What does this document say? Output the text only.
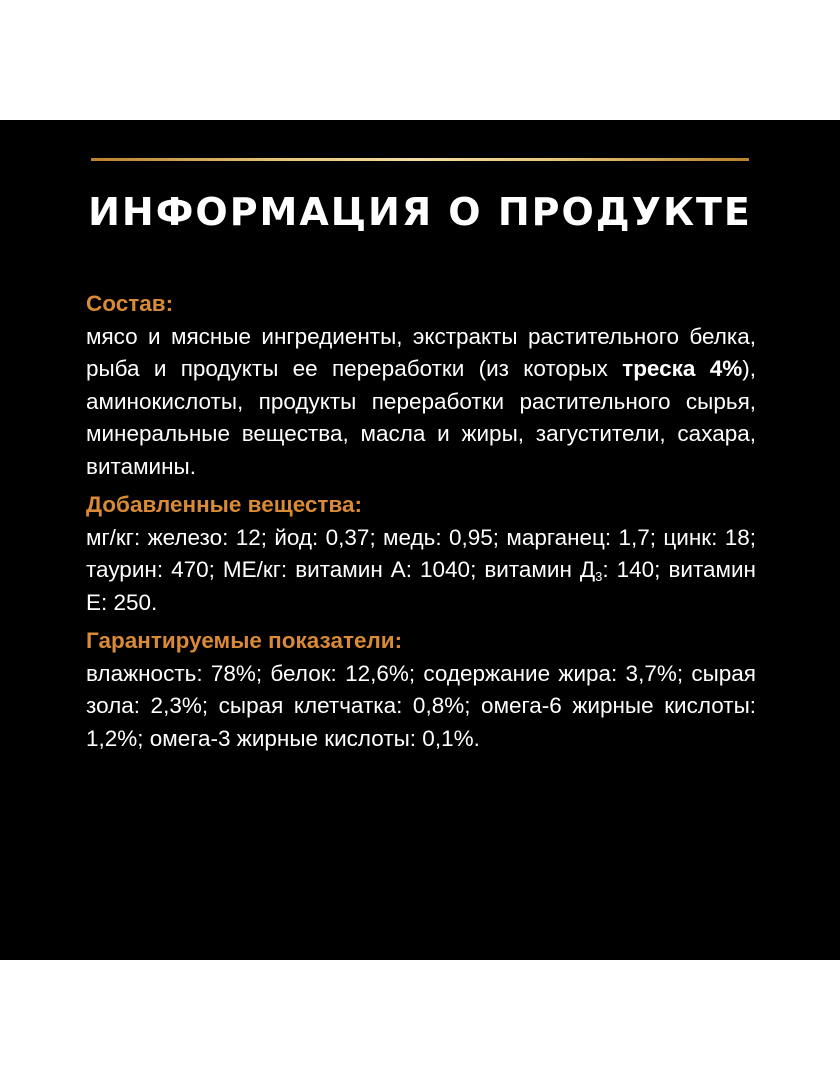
ИНФОРМАЦИЯ О ПРОДУКТЕ
Состав:
мясо и мясные ингредиенты, экстракты растительного белка, рыба и продукты ее переработки (из которых треска 4%), аминокислоты, продукты переработки растительного сырья, минеральные вещества, масла и жиры, загустители, сахара, витамины.
Добавленные вещества:
мг/кг: железо: 12; йод: 0,37; медь: 0,95; марганец: 1,7; цинк: 18; таурин: 470; МЕ/кг: витамин А: 1040; витамин $Д_3$: 140; витамин Е: 250.
Гарантируемые показатели:
влажность: 78%; белок: 12,6%; содержание жира: 3,7%; сырая зола: 2,3%; сырая клетчатка: 0,8%; омега-6 жирные кислоты: 1,2%; омега-3 жирные кислоты: 0,1%.
